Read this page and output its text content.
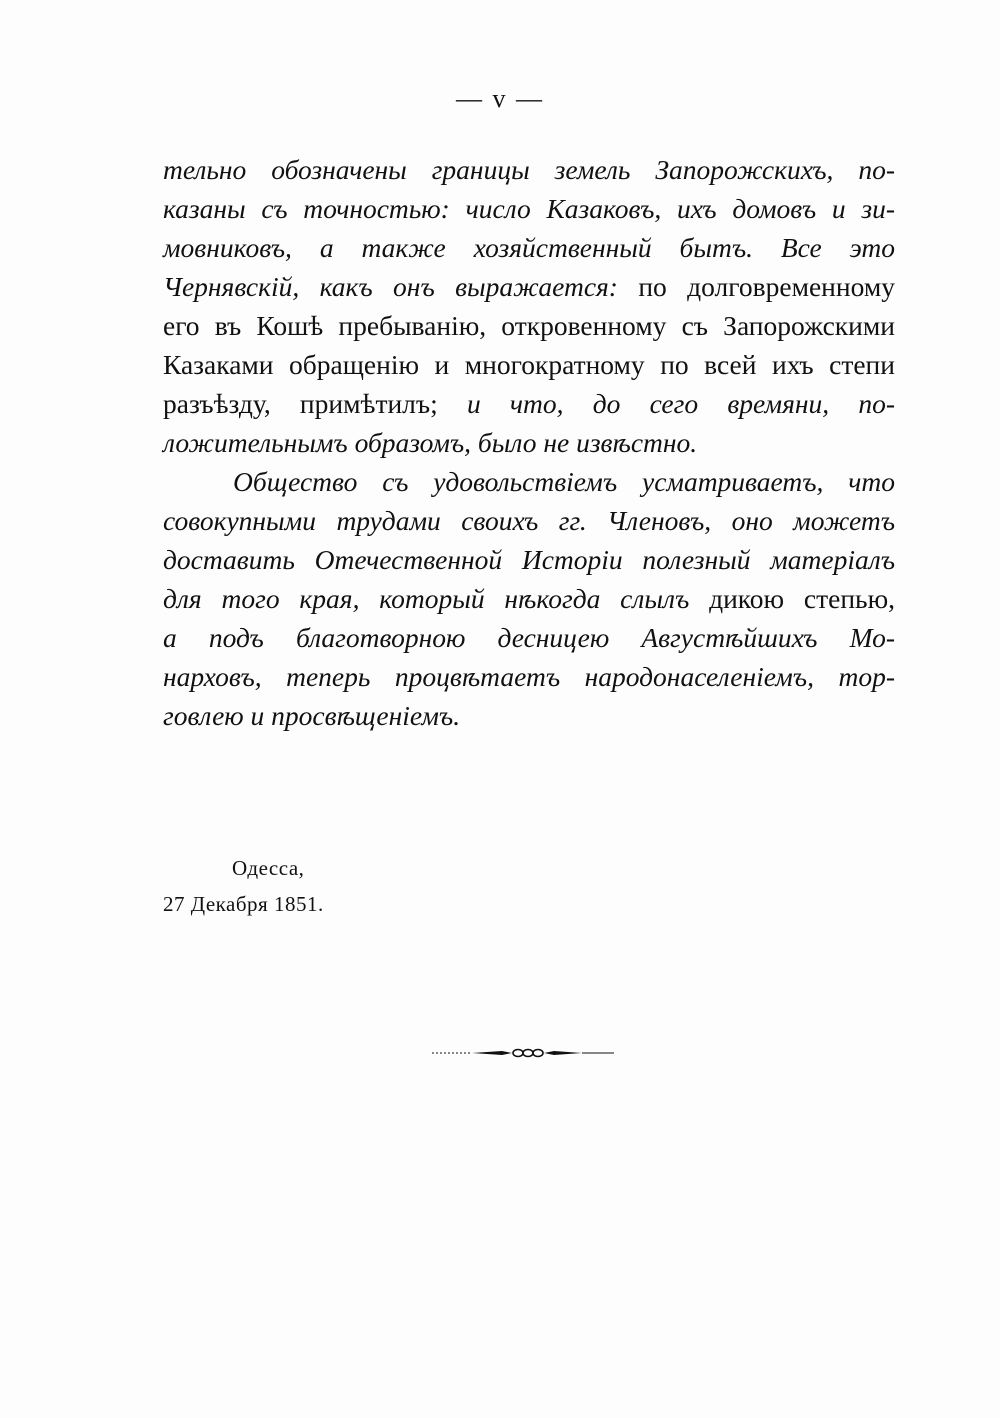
— v —
тельно обозначены границы земель Запорожскихъ, по-
казаны съ точностью: число Казаковъ, ихъ домовъ и зи-
мовниковъ, а также хозяйственный бытъ. Все это
Чернявскій, какъ онъ выражается: по долговременному
его въ Кошѣ пребыванію, откровенному съ Запорожскими
Казаками обращенію и многократному по всей ихъ степи
разъѣзду, примѣтилъ; и что, до сего времяни, по-
ложительнымъ образомъ, было не извѣстно.
Общество съ удовольствіемъ усматриваетъ, что
совокупными трудами своихъ гг. Членовъ, оно можетъ
доставить Отечественной Исторіи полезный матеріалъ
для того края, который нѣкогда слылъ дикою степью,
а подъ благотворною десницею Августѣйшихъ Мо-
нарховъ, теперь процвѣтаетъ народонаселеніемъ, тор-
говлею и просвѣщеніемъ.
Одесса,
27 Декабря 1851.
